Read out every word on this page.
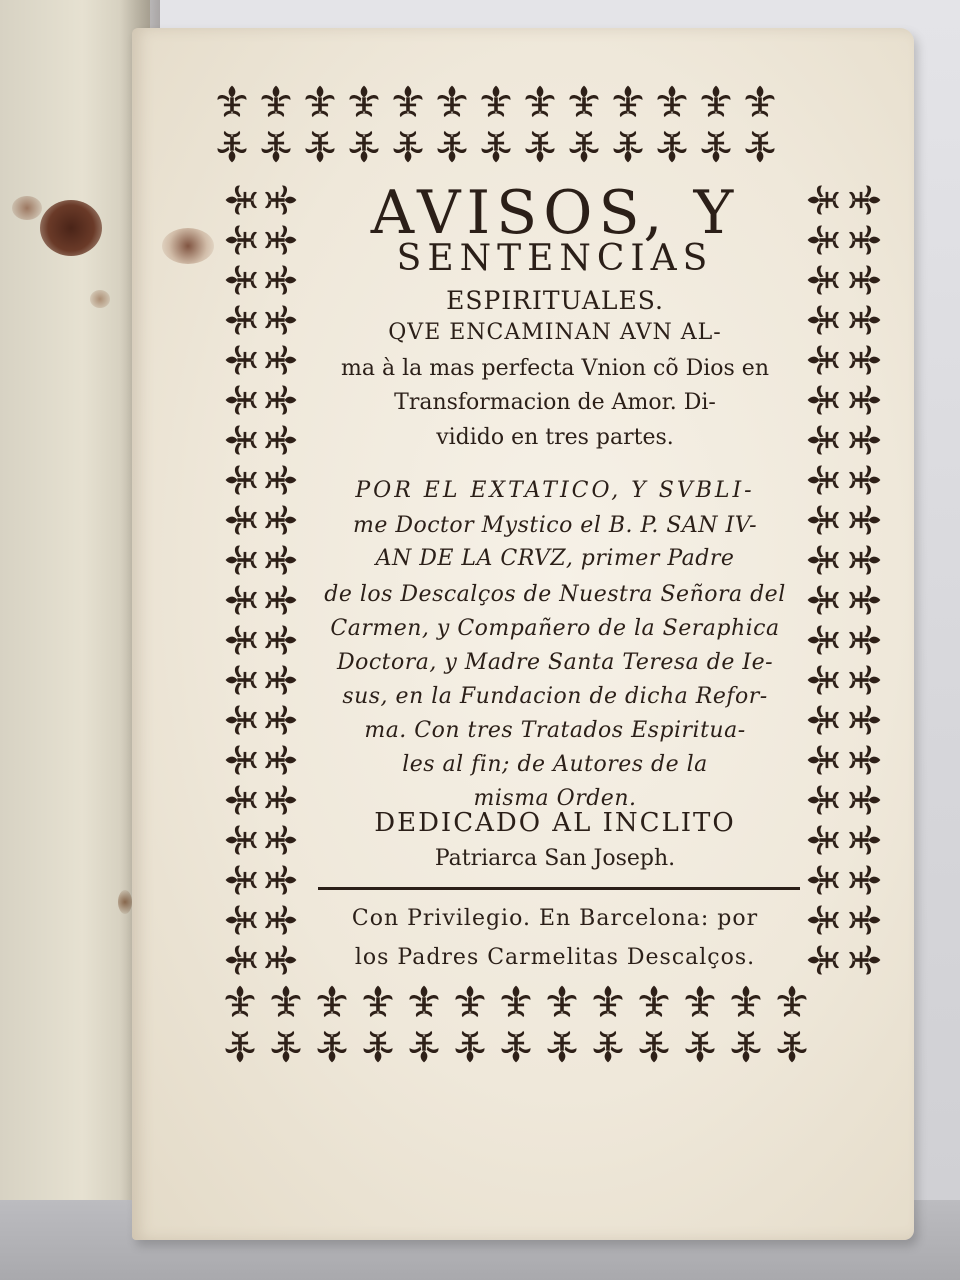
AVISOS, Y
SENTENCIAS
ESPIRITUALES.
QVE ENCAMINAN AVN AL-
ma à la mas perfecta Vnion cõ Dios en
Transformacion de Amor. Di-
vidido en tres partes.
POR EL EXTATICO, Y SVBLI-
me Doctor Mystico el B. P. SAN IV-
AN DE LA CRVZ, primer Padre
de los Descalços de Nuestra Señora del
Carmen, y Compañero de la Seraphica
Doctora, y Madre Santa Teresa de Ie-
sus, en la Fundacion de dicha Refor-
ma. Con tres Tratados Espiritua-
les al fin; de Autores de la
misma Orden.
DEDICADO AL INCLITO
Patriarca San Joseph.
Con Privilegio. En Barcelona: por
los Padres Carmelitas Descalços.
